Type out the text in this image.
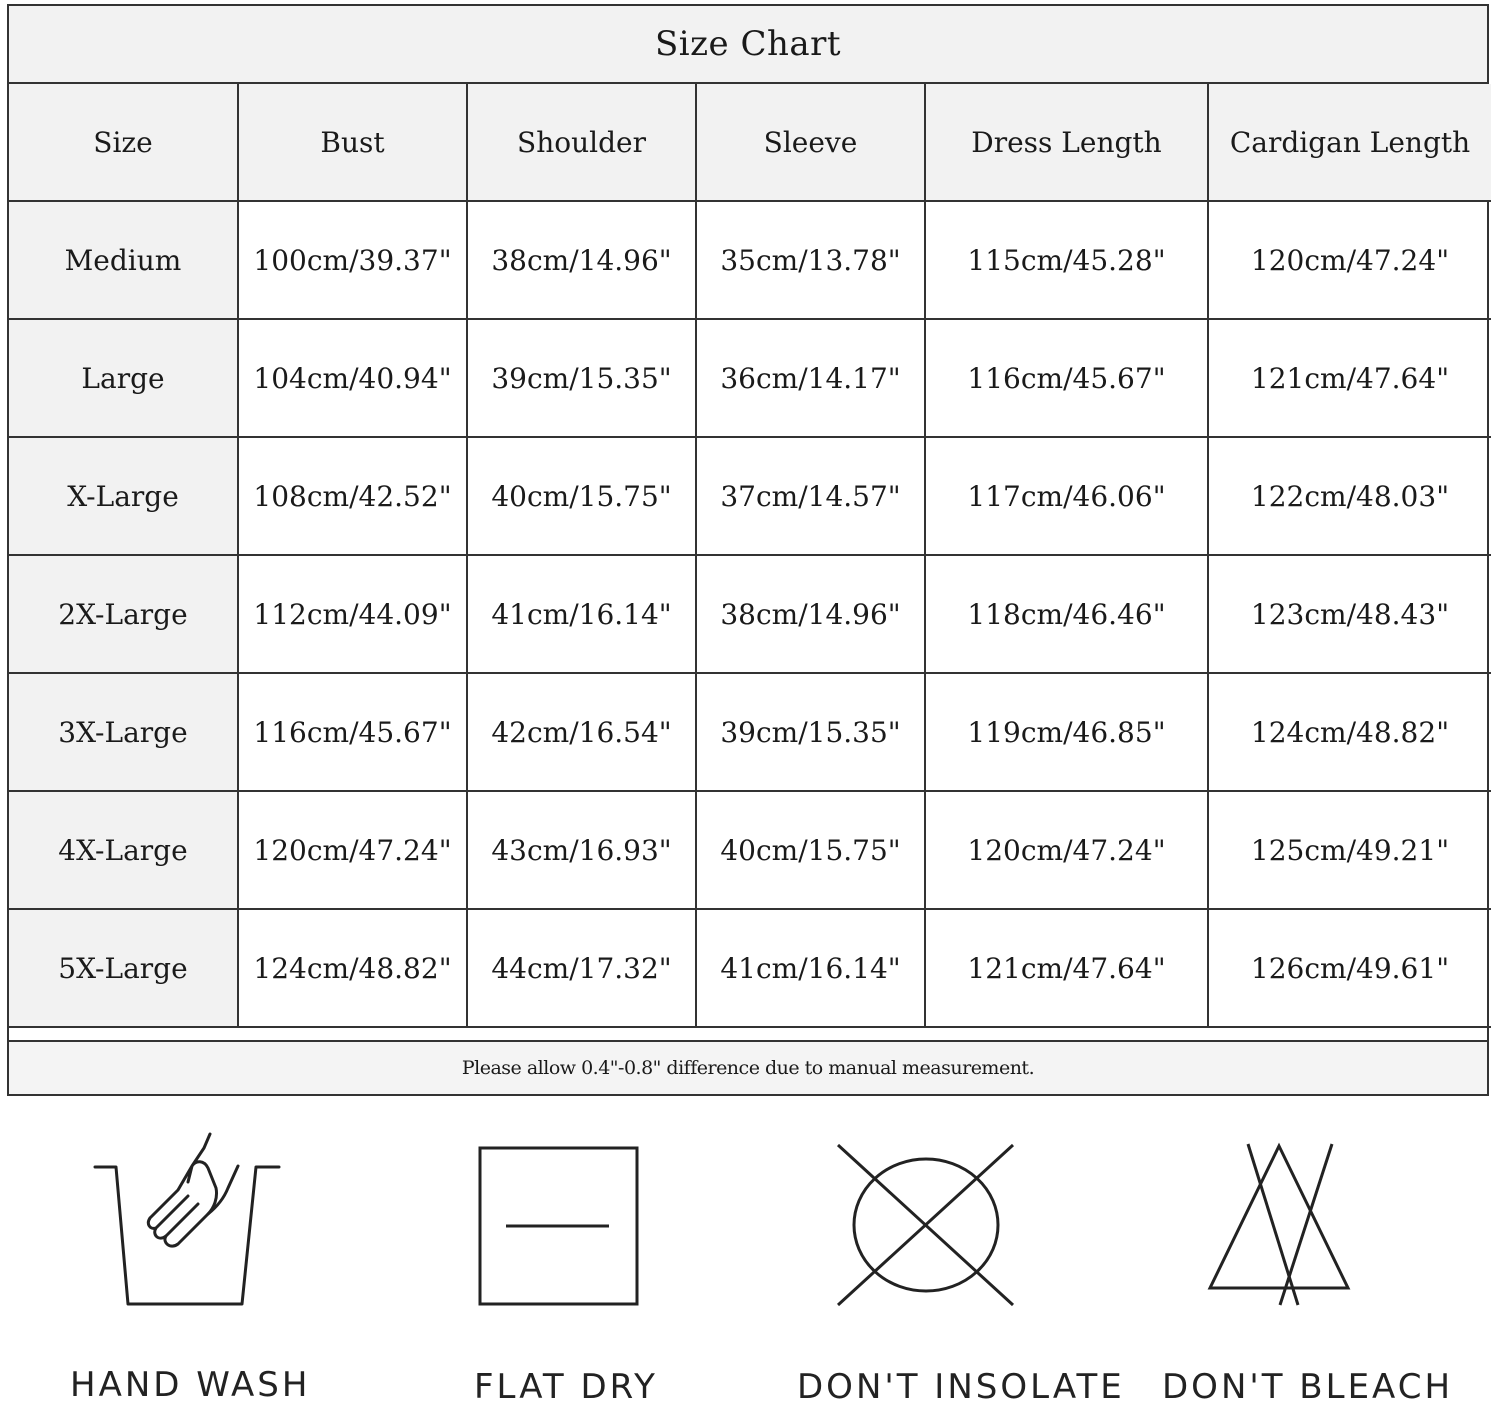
Size Chart
Size	Bust	Shoulder	Sleeve	Dress Length	Cardigan Length
Medium	100cm/39.37"	38cm/14.96"	35cm/13.78"	115cm/45.28"	120cm/47.24"
Large	104cm/40.94"	39cm/15.35"	36cm/14.17"	116cm/45.67"	121cm/47.64"
X-Large	108cm/42.52"	40cm/15.75"	37cm/14.57"	117cm/46.06"	122cm/48.03"
2X-Large	112cm/44.09"	41cm/16.14"	38cm/14.96"	118cm/46.46"	123cm/48.43"
3X-Large	116cm/45.67"	42cm/16.54"	39cm/15.35"	119cm/46.85"	124cm/48.82"
4X-Large	120cm/47.24"	43cm/16.93"	40cm/15.75"	120cm/47.24"	125cm/49.21"
5X-Large	124cm/48.82"	44cm/17.32"	41cm/16.14"	121cm/47.64"	126cm/49.61"
Please allow 0.4"-0.8" difference due to manual measurement.
HAND WASH	FLAT DRY	DON'T INSOLATE DON'T BLEACH
